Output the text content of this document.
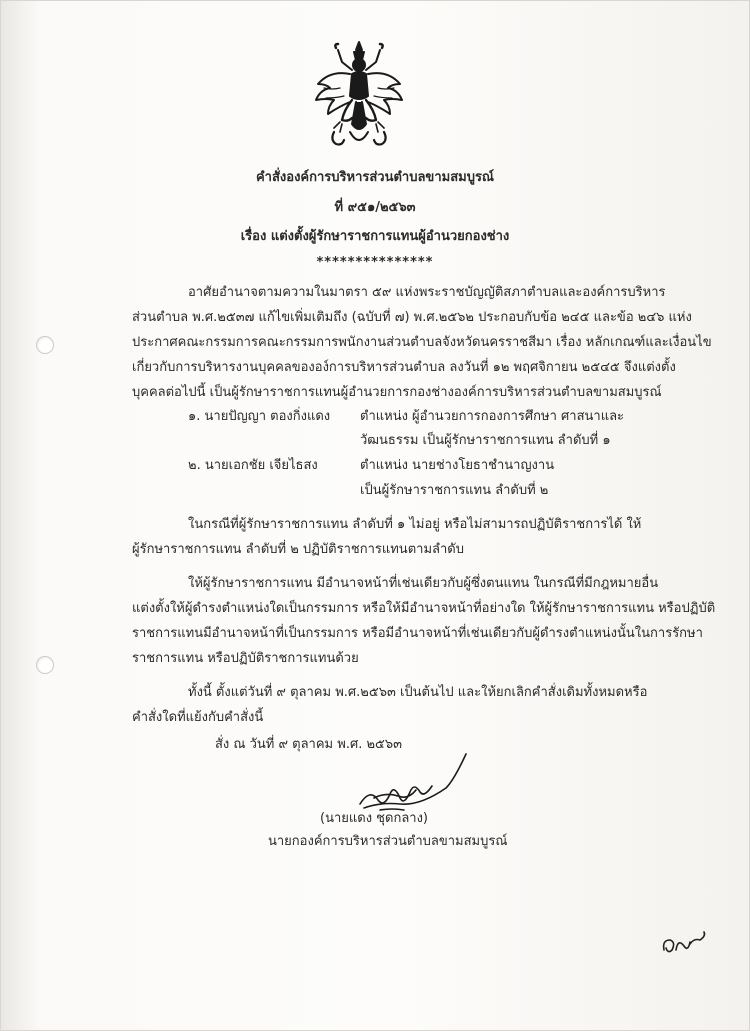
คำสั่งองค์การบริหารส่วนตำบลขามสมบูรณ์
ที่ ๙๕๑/๒๕๖๓
เรื่อง แต่งตั้งผู้รักษาราชการแทนผู้อำนวยกองช่าง
***************
อาศัยอำนาจตามความในมาตรา ๕๙ แห่งพระราชบัญญัติสภาตำบลและองค์การบริหาร
ส่วนตำบล พ.ศ.๒๕๓๗ แก้ไขเพิ่มเติมถึง (ฉบับที่ ๗) พ.ศ.๒๕๖๒ ประกอบกับข้อ ๒๔๕ และข้อ ๒๔๖ แห่ง
ประกาศคณะกรรมการคณะกรรมการพนักงานส่วนตำบลจังหวัดนครราชสีมา เรื่อง หลักเกณฑ์และเงื่อนไข
เกี่ยวกับการบริหารงานบุคคลขององ์การบริหารส่วนตำบล ลงวันที่ ๑๒ พฤศจิกายน ๒๕๔๕ จึงแต่งตั้ง
บุคคลต่อไปนี้ เป็นผู้รักษาราชการแทนผู้อำนวยการกองช่างองค์การบริหารส่วนตำบลขามสมบูรณ์
๑. นายปัญญา ตองกิ่งแดง ตำแหน่ง ผู้อำนวยการกองการศึกษา ศาสนาและ
วัฒนธรรม เป็นผู้รักษาราชการแทน ลำดับที่ ๑
๒. นายเอกชัย เจียไธสง	ตำแหน่ง นายช่างโยธาชำนาญงาน
เป็นผู้รักษาราชการแทน ลำดับที่ ๒
ในกรณีที่ผู้รักษาราชการแทน ลำดับที่ ๑ ไม่อยู่ หรือไม่สามารถปฏิบัติราชการได้ ให้
ผู้รักษาราชการแทน ลำดับที่ ๒ ปฏิบัติราชการแทนตามลำดับ
ให้ผู้รักษาราชการแทน มีอำนาจหน้าที่เช่นเดียวกับผู้ซึ่งตนแทน ในกรณีที่มีกฎหมายอื่น
แต่งตั้งให้ผู้ดำรงตำแหน่งใดเป็นกรรมการ หรือให้มีอำนาจหน้าที่อย่างใด ให้ผู้รักษาราชการแทน หรือปฏิบัติ
ราชการแทนมีอำนาจหน้าที่เป็นกรรมการ หรือมีอำนาจหน้าที่เช่นเดียวกับผู้ดำรงตำแหน่งนั้นในการรักษา
ราชการแทน หรือปฏิบัติราชการแทนด้วย
ทั้งนี้ ตั้งแต่วันที่ ๙ ตุลาคม พ.ศ.๒๕๖๓ เป็นต้นไป และให้ยกเลิกคำสั่งเดิมทั้งหมดหรือ
คำสั่งใดที่แย้งกับคำสั่งนี้
สั่ง ณ วันที่ ๙ ตุลาคม พ.ศ. ๒๕๖๓
(นายแดง ชุดกลาง)
นายกองค์การบริหารส่วนตำบลขามสมบูรณ์
